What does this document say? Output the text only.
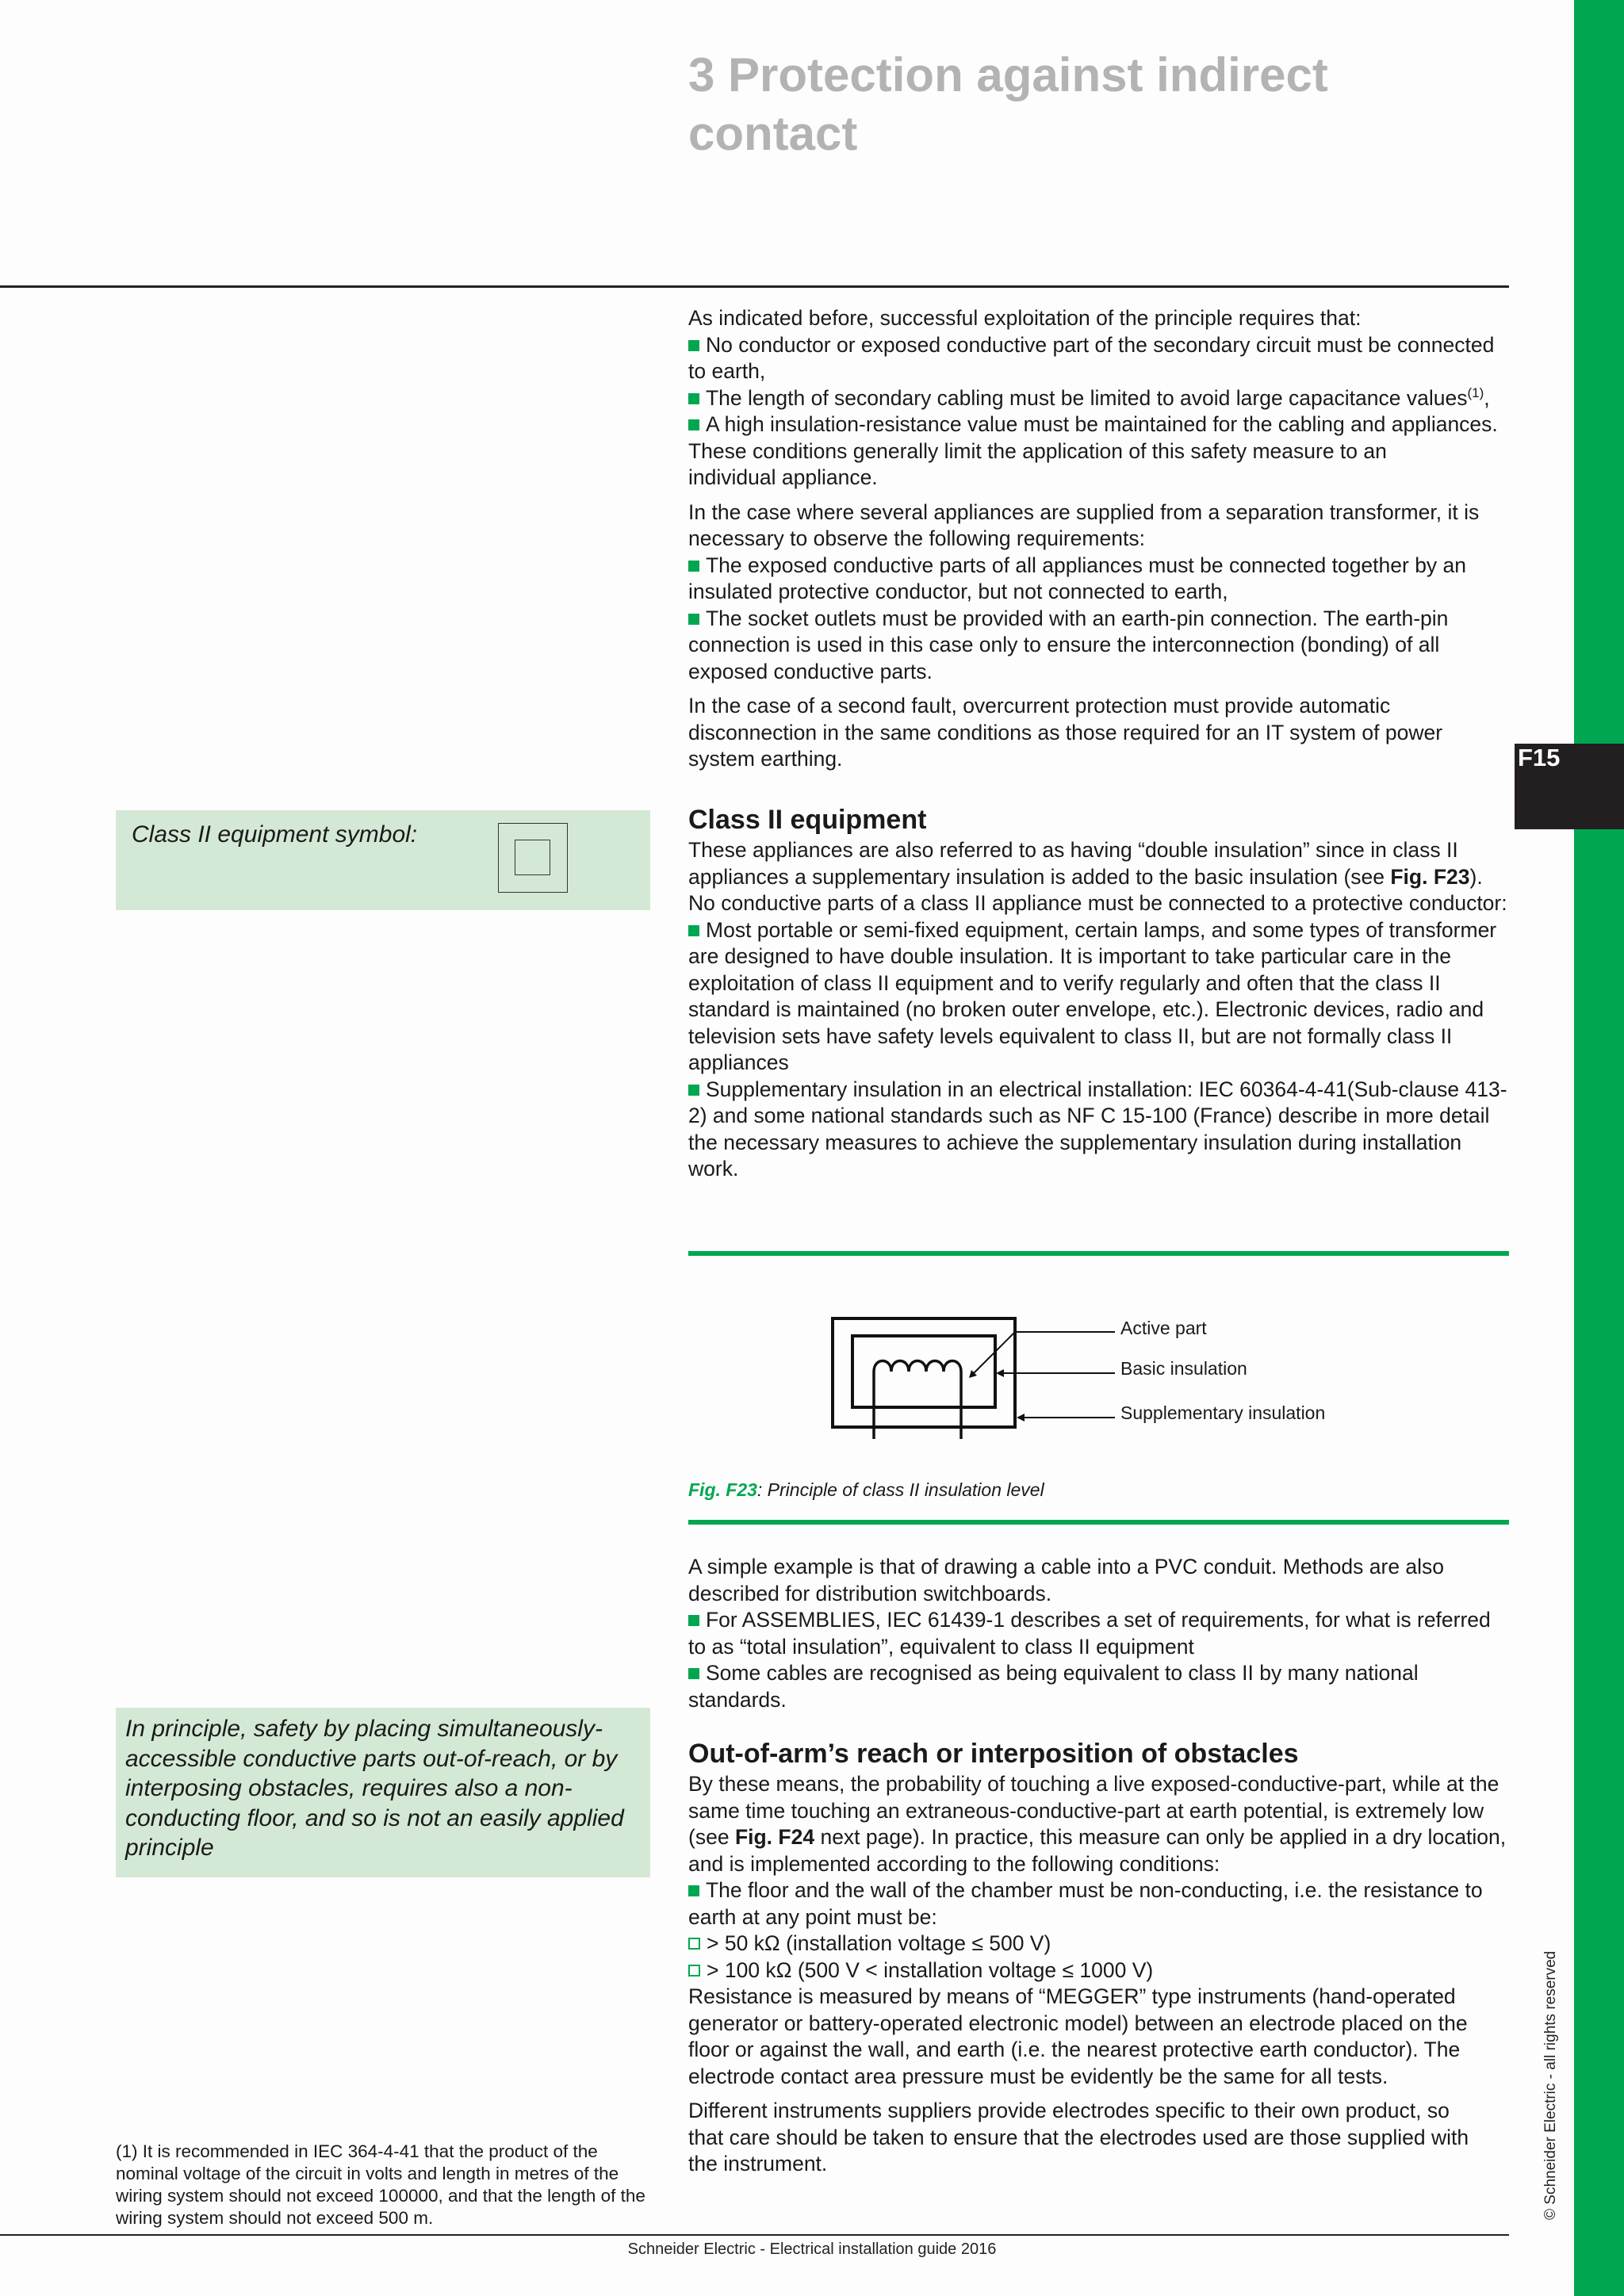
F15
© Schneider Electric - all rights reserved
3 Protection against indirect contact

As indicated before, successful exploitation of the principle requires that:

No conductor or exposed conductive part of the secondary circuit must be connected to earth,

The length of secondary cabling must be limited to avoid large capacitance values$^{(1)}$,

A high insulation-resistance value must be maintained for the cabling and appliances.

These conditions generally limit the application of this safety measure to an individual appliance.

In the case where several appliances are supplied from a separation transformer, it is necessary to observe the following requirements:

The exposed conductive parts of all appliances must be connected together by an insulated protective conductor, but not connected to earth,

The socket outlets must be provided with an earth-pin connection. The earth-pin connection is used in this case only to ensure the interconnection (bonding) of all exposed conductive parts.

In the case of a second fault, overcurrent protection must provide automatic disconnection in the same conditions as those required for an IT system of power system earthing.

Class II equipment symbol:	Class II equipment

These appliances are also referred to as having “double insulation” since in class II appliances a supplementary insulation is added to the basic insulation (see Fig. F23).

No conductive parts of a class II appliance must be connected to a protective conductor:

Most portable or semi-fixed equipment, certain lamps, and some types of transformer are designed to have double insulation. It is important to take particular care in the exploitation of class II equipment and to verify regularly and often that the class II standard is maintained (no broken outer envelope, etc.). Electronic devices, radio and television sets have safety levels equivalent to class II, but are not formally class II appliances

Supplementary insulation in an electrical installation: IEC 60364-4-41(Sub-clause 413-2) and some national standards such as NF C 15-100 (France) describe in more detail the necessary measures to achieve the supplementary insulation during installation work.

Active part
Basic insulation
Supplementary insulation
Fig. F23: Principle of class II insulation level

A simple example is that of drawing a cable into a PVC conduit. Methods are also described for distribution switchboards.

For ASSEMBLIES, IEC 61439-1 describes a set of requirements, for what is referred to as “total insulation”, equivalent to class II equipment

Some cables are recognised as being equivalent to class II by many national standards.

In principle, safety by placing simultaneously-accessible conductive parts out-of-reach, or by interposing obstacles, requires also a non-conducting floor, and so is not an easily applied principle

Out-of-arm’s reach or interposition of obstacles

By these means, the probability of touching a live exposed-conductive-part, while at the same time touching an extraneous-conductive-part at earth potential, is extremely low (see Fig. F24 next page). In practice, this measure can only be applied in a dry location, and is implemented according to the following conditions:

The floor and the wall of the chamber must be non-conducting, i.e. the resistance to earth at any point must be:

> 50 kΩ (installation voltage ≤ 500 V)

> 100 kΩ (500 V < installation voltage ≤ 1000 V)

Resistance is measured by means of “MEGGER” type instruments (hand-operated generator or battery-operated electronic model) between an electrode placed on the floor or against the wall, and earth (i.e. the nearest protective earth conductor). The electrode contact area pressure must be evidently be the same for all tests.

Different instruments suppliers provide electrodes specific to their own product, so that care should be taken to ensure that the electrodes used are those supplied with the instrument.

(1) It is recommended in IEC 364-4-41 that the product of the nominal voltage of the circuit in volts and length in metres of the wiring system should not exceed 100000, and that the length of the wiring system should not exceed 500 m.
Schneider Electric - Electrical installation guide 2016
